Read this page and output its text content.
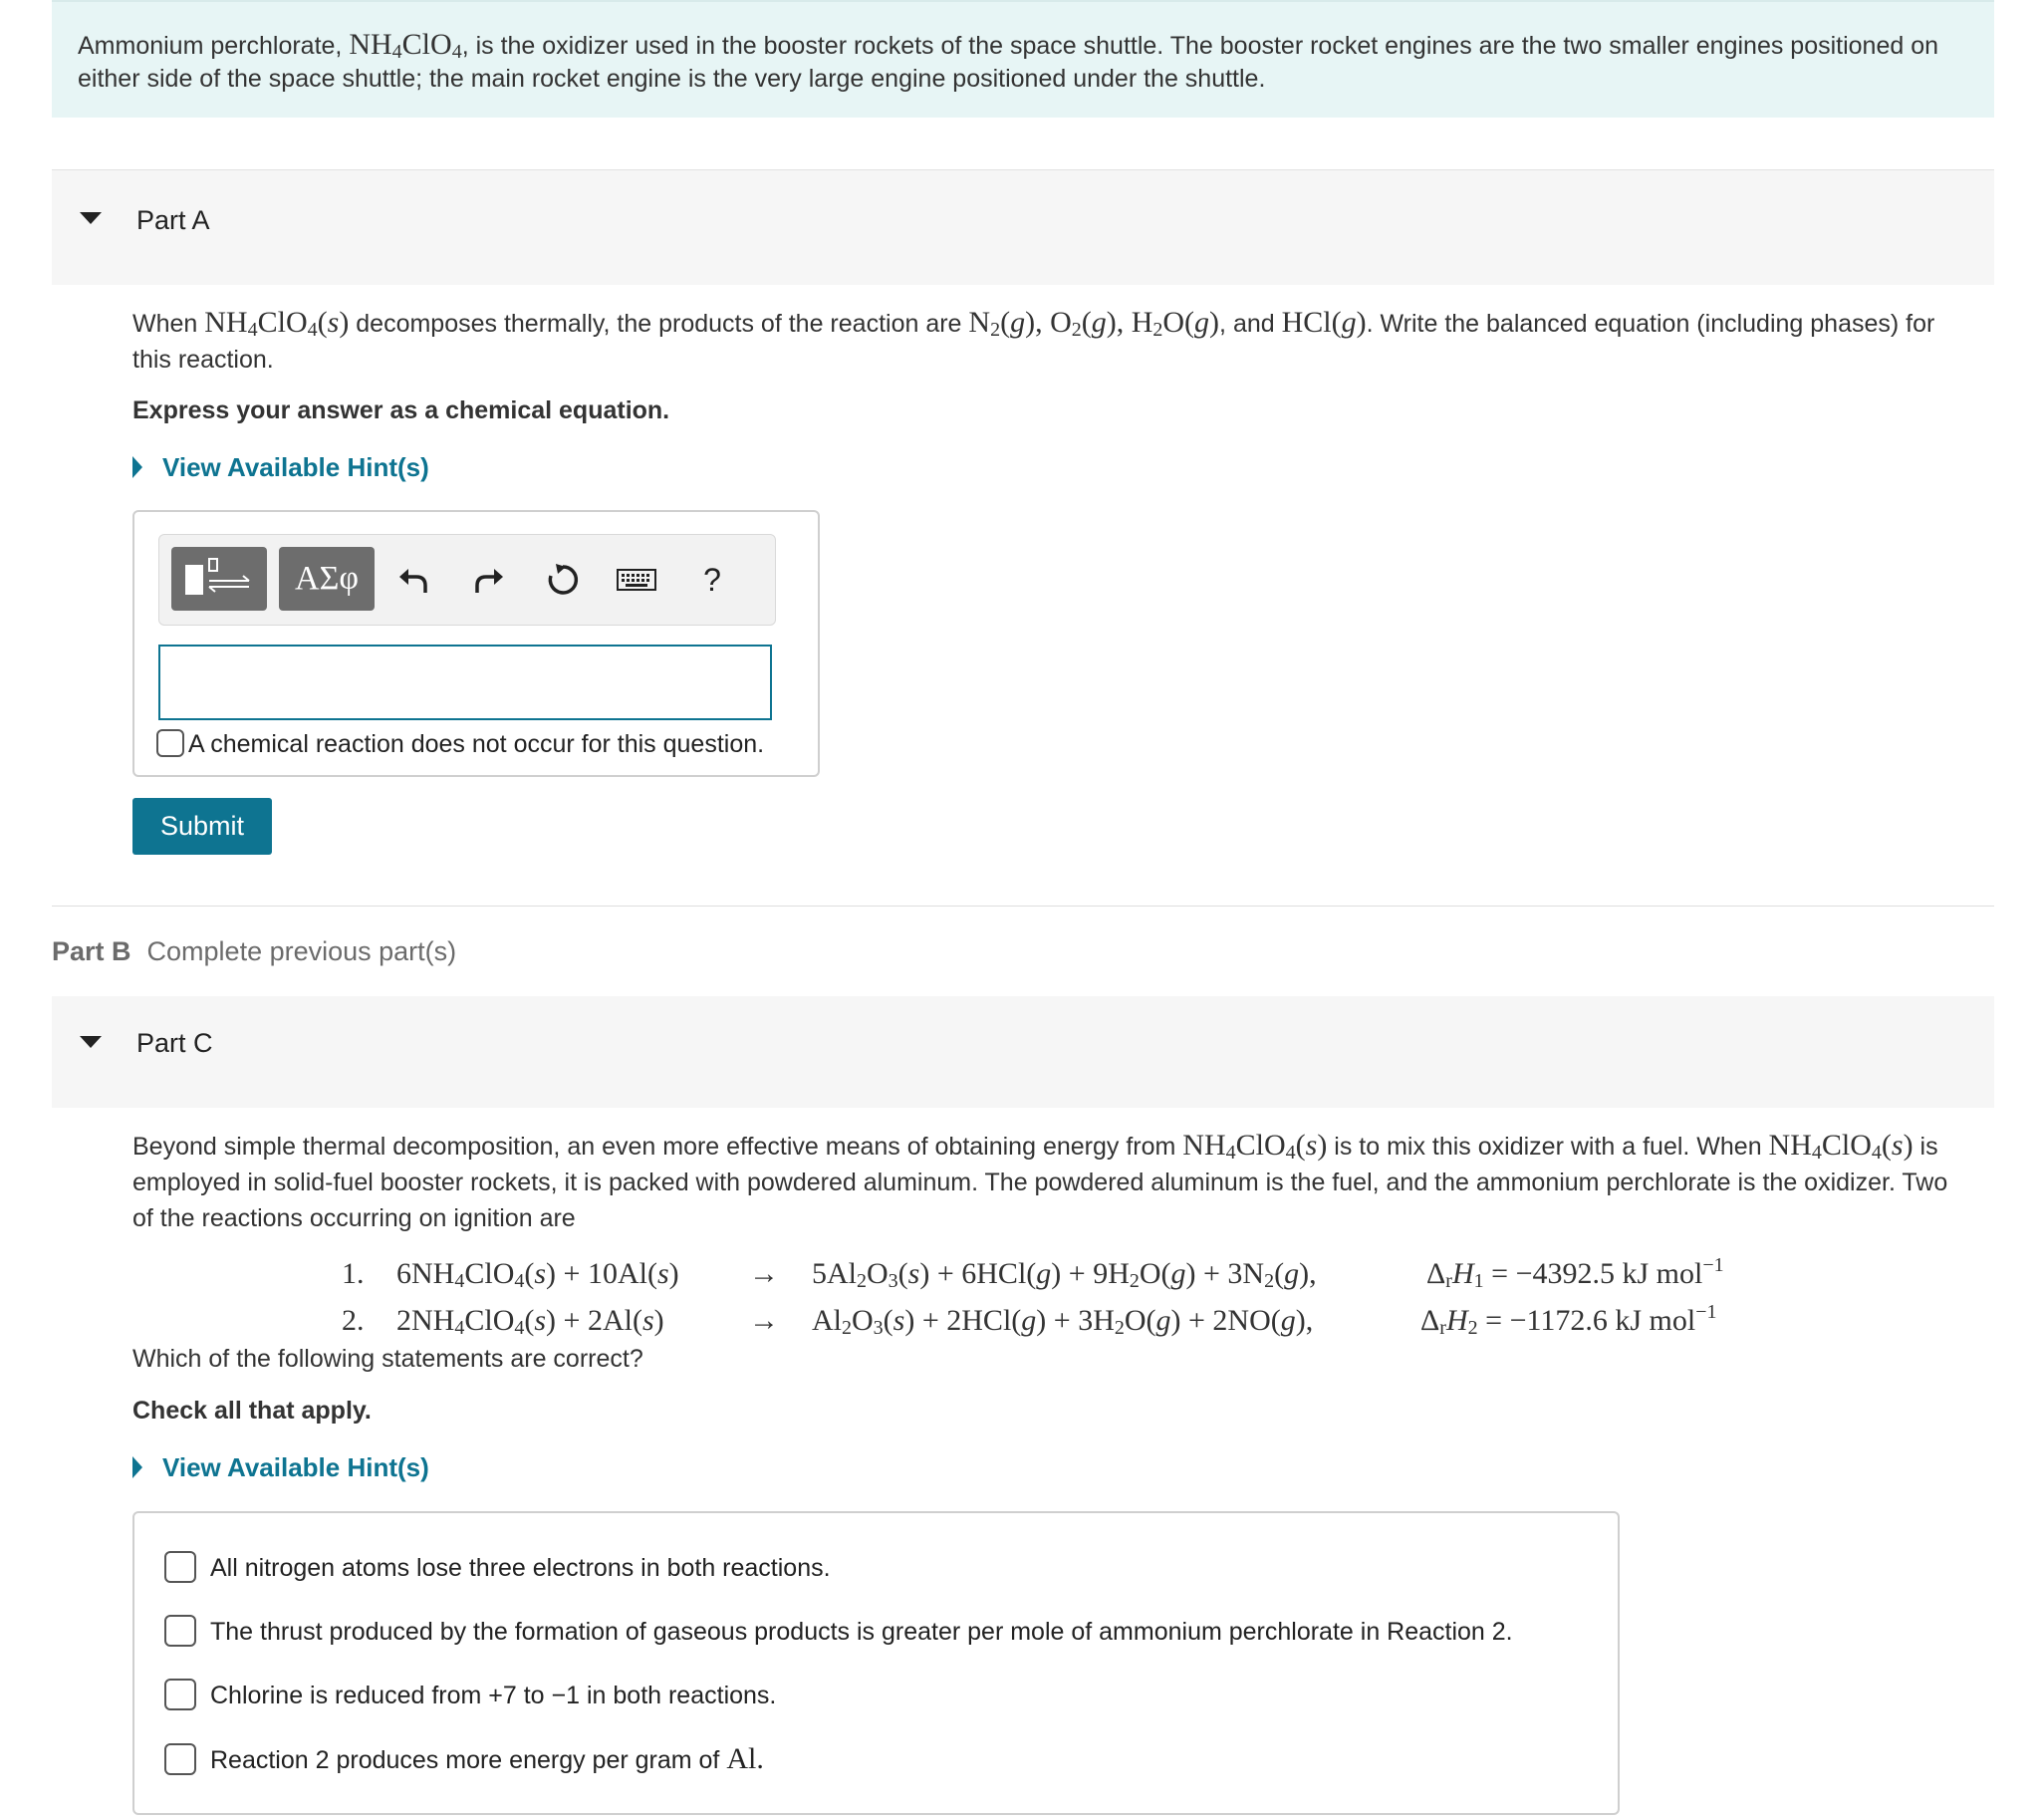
Ammonium perchlorate, $NH_4ClO_4$, is the oxidizer used in the booster rockets of the space shuttle. The booster rocket engines are the two smaller engines positioned on either side of the space shuttle; the main rocket engine is the very large engine positioned under the shuttle.
Part A
When $NH_4ClO_4(s)$ decomposes thermally, the products of the reaction are $N_2(g)$, $O_2(g)$, $H_2O(g)$, and HCl(g). Write the balanced equation (including phases) for this reaction.
Express your answer as a chemical equation.
View Available Hint(s)
ΑΣφ	?
A chemical reaction does not occur for this question.
Submit
Part B Complete previous part(s)
Part C
Beyond simple thermal decomposition, an even more effective means of obtaining energy from $NH_4ClO_4(s)$ is to mix this oxidizer with a fuel. When $NH_4ClO_4(s)$ is employed in solid-fuel booster rockets, it is packed with powdered aluminum. The powdered aluminum is the fuel, and the ammonium perchlorate is the oxidizer. Two of the reactions occurring on ignition are
1. $6NH_4ClO_4(s) + 10Al(s) \to 5Al_2O_3(s) + 6HCl(g) + 9H_2O(g) + 3N_2(g)$,	$\Delta_rH_1 = -4392.5$ kJ mol$^{-1}$
2. $2NH_4ClO_4(s) + 2Al(s)$	→ $Al_2O_3(s) + 2HCl(g) + 3H_2O(g) + 2NO(g)$,	$\Delta_rH_2 = -1172.6$ kJ mol$^{-1}$
Which of the following statements are correct?
Check all that apply.
View Available Hint(s)
All nitrogen atoms lose three electrons in both reactions.
The thrust produced by the formation of gaseous products is greater per mole of ammonium perchlorate in Reaction 2.
Chlorine is reduced from +7 to −1 in both reactions.
Reaction 2 produces more energy per gram of Al.
